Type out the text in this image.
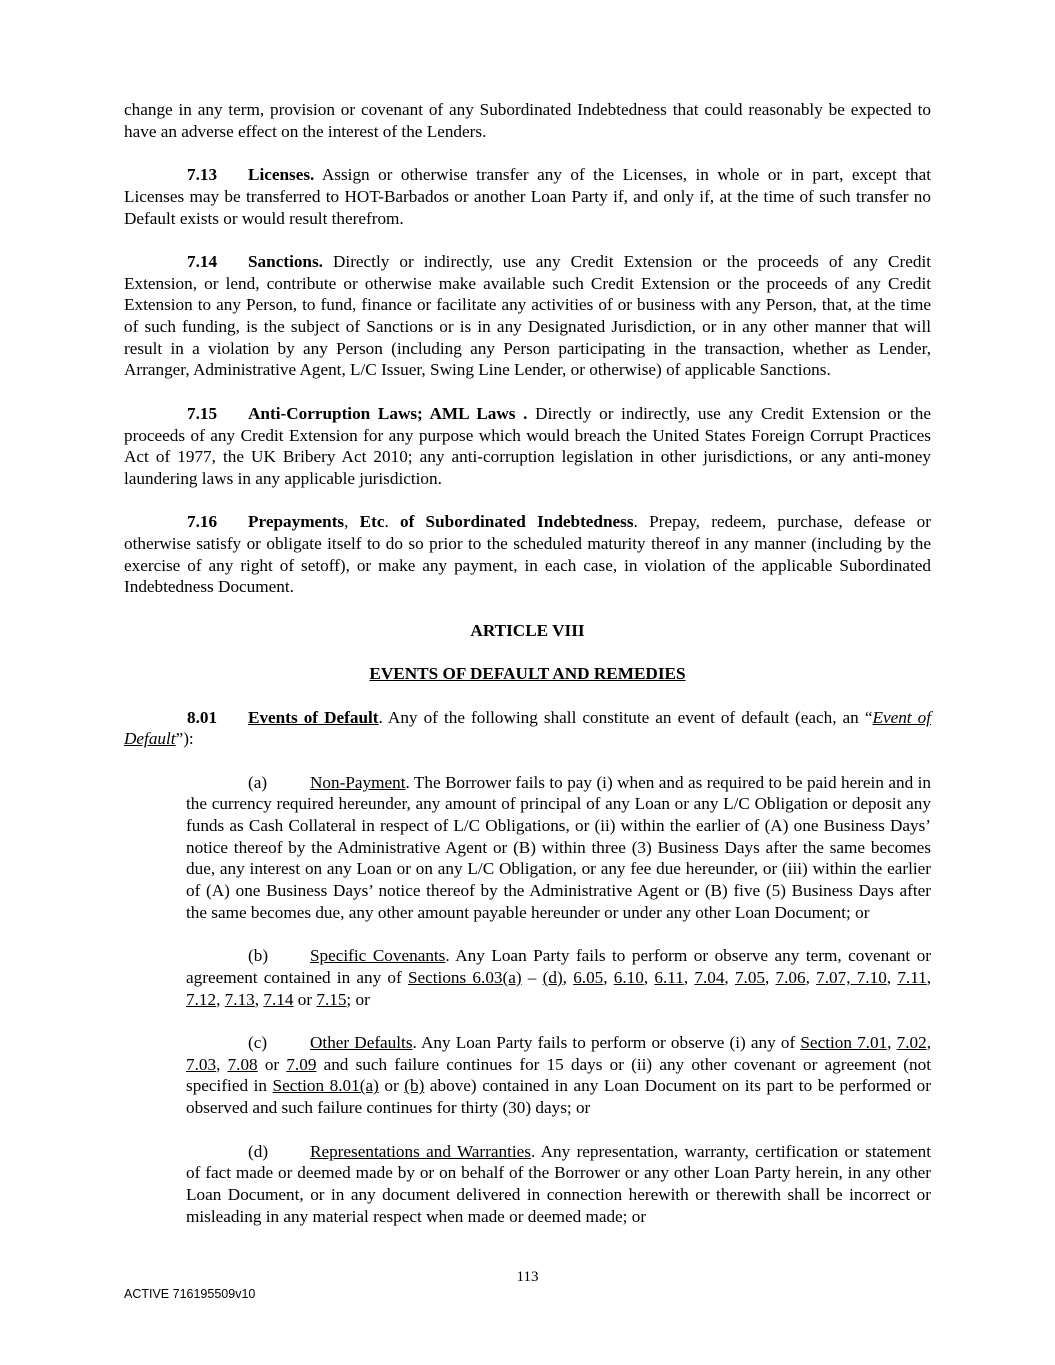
change in any term, provision or covenant of any Subordinated Indebtedness that could reasonably be expected to have an adverse effect on the interest of the Lenders.

7.13 Licenses. Assign or otherwise transfer any of the Licenses, in whole or in part, except that Licenses may be transferred to HOT-Barbados or another Loan Party if, and only if, at the time of such transfer no Default exists or would result therefrom.

7.14 Sanctions. Directly or indirectly, use any Credit Extension or the proceeds of any Credit Extension, or lend, contribute or otherwise make available such Credit Extension or the proceeds of any Credit Extension to any Person, to fund, finance or facilitate any activities of or business with any Person, that, at the time of such funding, is the subject of Sanctions or is in any Designated Jurisdiction, or in any other manner that will result in a violation by any Person (including any Person participating in the transaction, whether as Lender, Arranger, Administrative Agent, L/C Issuer, Swing Line Lender, or otherwise) of applicable Sanctions.

7.15 Anti-Corruption Laws; AML Laws . Directly or indirectly, use any Credit Extension or the proceeds of any Credit Extension for any purpose which would breach the United States Foreign Corrupt Practices Act of 1977, the UK Bribery Act 2010; any anti-corruption legislation in other jurisdictions, or any anti-money laundering laws in any applicable jurisdiction.

7.16 Prepayments, Etc. of Subordinated Indebtedness. Prepay, redeem, purchase, defease or otherwise satisfy or obligate itself to do so prior to the scheduled maturity thereof in any manner (including by the exercise of any right of setoff), or make any payment, in each case, in violation of the applicable Subordinated Indebtedness Document.

ARTICLE VIII

EVENTS OF DEFAULT AND REMEDIES

8.01 Events of Default. Any of the following shall constitute an event of default (each, an “Event of Default”):

(a) Non-Payment. The Borrower fails to pay (i) when and as required to be paid herein and in the currency required hereunder, any amount of principal of any Loan or any L/C Obligation or deposit any funds as Cash Collateral in respect of L/C Obligations, or (ii) within the earlier of (A) one Business Days’ notice thereof by the Administrative Agent or (B) within three (3) Business Days after the same becomes due, any interest on any Loan or on any L/C Obligation, or any fee due hereunder, or (iii) within the earlier of (A) one Business Days’ notice thereof by the Administrative Agent or (B) five (5) Business Days after the same becomes due, any other amount payable hereunder or under any other Loan Document; or

(b) Specific Covenants. Any Loan Party fails to perform or observe any term, covenant or agreement contained in any of Sections 6.03(a) – (d), 6.05, 6.10, 6.11, 7.04, 7.05, 7.06, 7.07, 7.10, 7.11, 7.12, 7.13, 7.14 or 7.15; or

(c) Other Defaults. Any Loan Party fails to perform or observe (i) any of Section 7.01, 7.02, 7.03, 7.08 or 7.09 and such failure continues for 15 days or (ii) any other covenant or agreement (not specified in Section 8.01(a) or (b) above) contained in any Loan Document on its part to be performed or observed and such failure continues for thirty (30) days; or

(d) Representations and Warranties. Any representation, warranty, certification or statement of fact made or deemed made by or on behalf of the Borrower or any other Loan Party herein, in any other Loan Document, or in any document delivered in connection herewith or therewith shall be incorrect or misleading in any material respect when made or deemed made; or

113
ACTIVE 716195509v10
